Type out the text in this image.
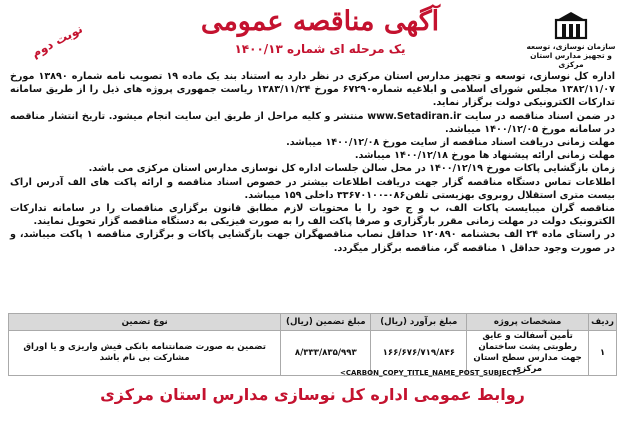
سازمان نوسازی، توسعه و تجهیز مدارس استان مرکزی
آگهی مناقصه عمومی
یک مرحله ای شماره ۱۴۰۰/۱۳
نوبت دوم

اداره کل نوسازی، توسعه و تجهیز مدارس استان مرکزی در نظر دارد به استناد بند یک ماده ۱۹ تصویب نامه شماره ۱۳۸۹۰ مورخ ۱۳۸۲/۱۱/۰۷ مجلس شورای اسلامی و ابلاغیه شماره۶۷۲۹۰ مورخ ۱۳۸۳/۱۱/۲۴ ریاست جمهوری پروژه های ذیل را از طریق سامانه تدارکات الکترونیکی دولت برگزار نماید.

در ضمن اسناد مناقصه در سایت www.Setadiran.ir منتشر و کلیه مراحل از طریق این سایت انجام میشود. تاریخ انتشار مناقصه در سامانه مورخ ۱۴۰۰/۱۲/۰۵ میباشد.

مهلت زمانی دریافت اسناد مناقصه از سایت مورخ ۱۴۰۰/۱۲/۰۸ میباشد.

مهلت زمانی ارائه پیشنهاد ها مورخ ۱۴۰۰/۱۲/۱۸ میباشد.

زمان بازگشایی پاکات مورخ ۱۴۰۰/۱۲/۱۹ در محل سالن جلسات اداره کل نوسازی مدارس استان مرکزی می باشد.

اطلاعات تماس دستگاه مناقصه گزار جهت دریافت اطلاعات بیشتر در خصوص اسناد مناقصه و ارائه پاکت های الف آدرس اراک بیست متری استقلال روبروی بهزیستی تلفن۰۸۶-۳۳۶۷۰۱۰۰ داخلی ۱۵۹ میباشد.

مناقصه گران میبایست پاکات الف، ب و ج خود را با محتویات لازم مطابق قانون برگزاری مناقصات را در سامانه تدارکات الکترونیک دولت در مهلت زمانی مقرر بارگزاری و صرفا پاکت الف را به صورت فیزیکی به دستگاه مناقصه گزار تحویل نمایند.

در راستای ماده ۲۴ الف بخشنامه ۱۲۰۸۹۰ حداقل نصاب مناقصهگران جهت بازگشایی پاکات و برگزاری مناقصه ۱ پاکت میباشد، و در صورت وجود حداقل ۱ مناقصه گر، مناقصه برگزار میگردد.

ردیف	مشخصات پروژه	مبلغ برآورد (ریال)	مبلغ تضمین (ریال)	نوع تضمین
۱	تأمین آسفالت و عایق رطوبتی پشت ساختمان جهت مدارس سطح استان مرکزی	۱۶۶/۶۷۶/۷۱۹/۸۴۶	۸/۳۳۳/۸۳۵/۹۹۳	تضمین به صورت ضمانتنامه بانکی فیش واریزی و یا اوراق مشارکت بی نام باشد
<CARBON_COPY_TITLE_NAME_POST_SUBJECT>
روابط عمومی اداره کل نوسازی مدارس استان مرکزی
